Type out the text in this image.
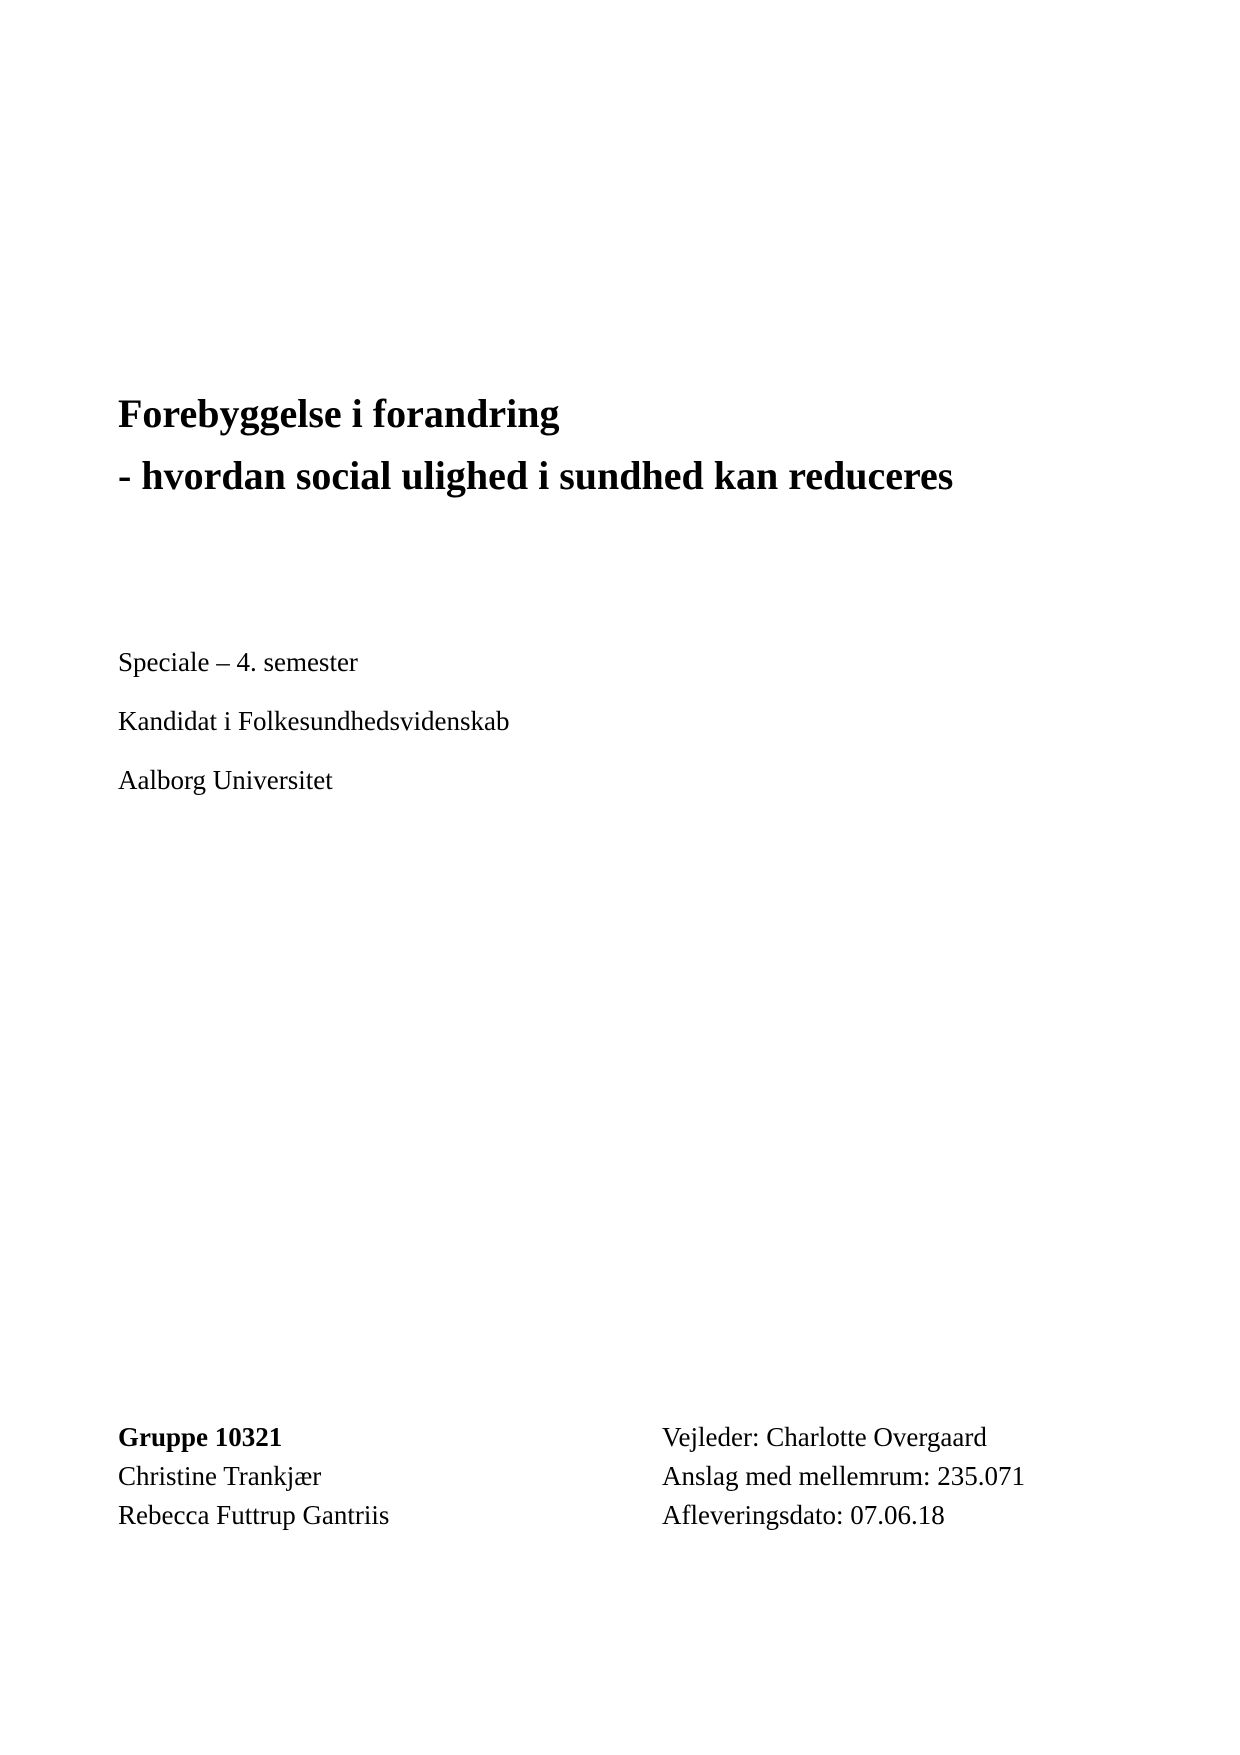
Forebyggelse i forandring
- hvordan social ulighed i sundhed kan reduceres
Speciale – 4. semester
Kandidat i Folkesundhedsvidenskab
Aalborg Universitet
Gruppe 10321
Christine Trankjær
Rebecca Futtrup Gantriis
Vejleder: Charlotte Overgaard
Anslag med mellemrum: 235.071
Afleveringsdato: 07.06.18
